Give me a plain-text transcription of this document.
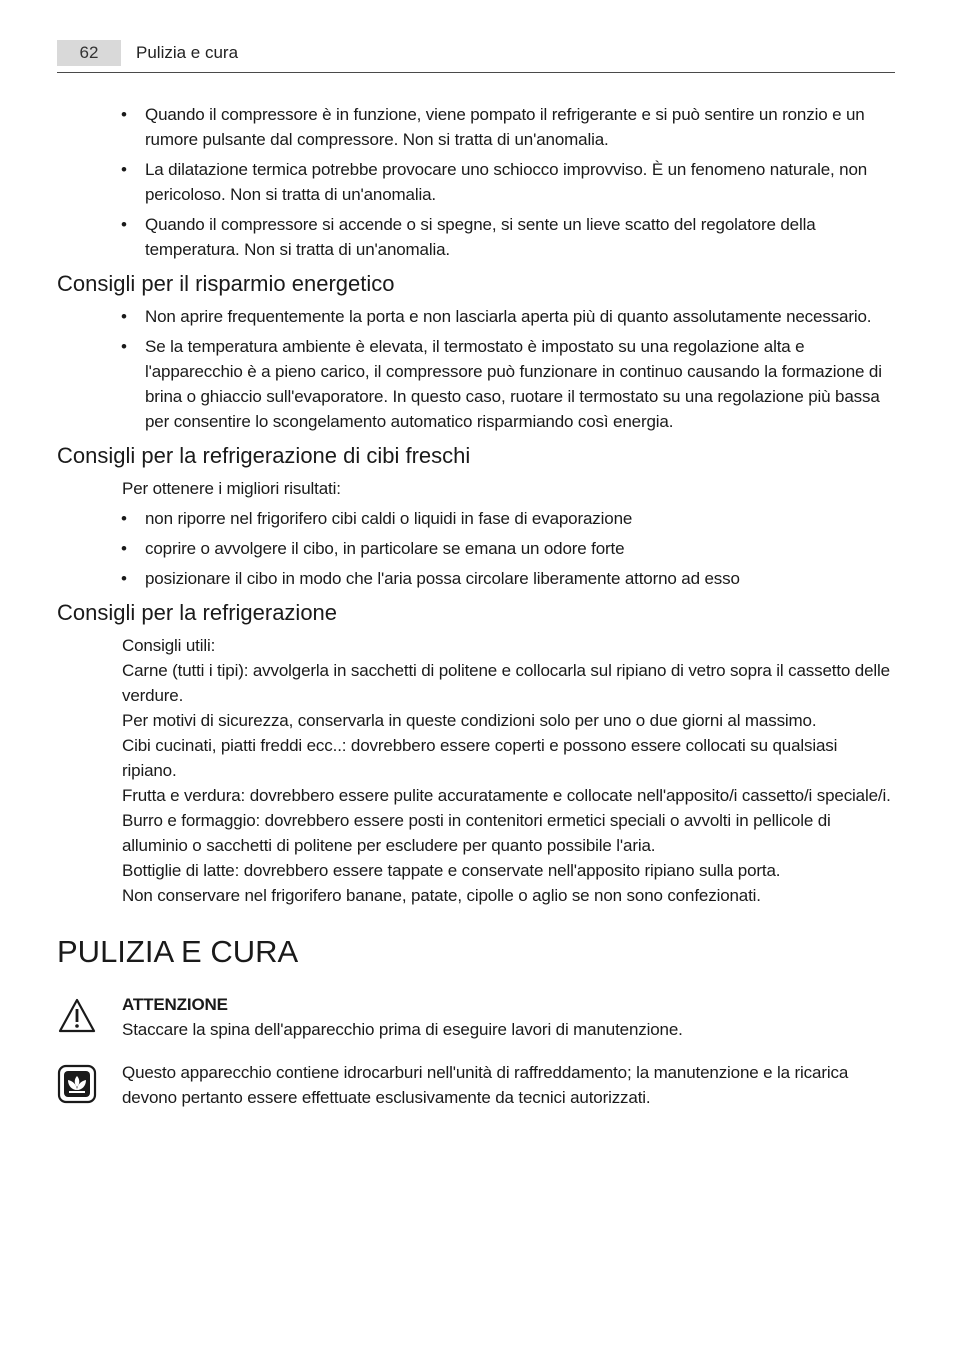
62	Pulizia e cura
• Quando il compressore è in funzione, viene pompato il refrigerante e si può sentire un ronzio e un rumore pulsante dal compressore. Non si tratta di un'anomalia.
• La dilatazione termica potrebbe provocare uno schiocco improvviso. È un fenomeno naturale, non pericoloso. Non si tratta di un'anomalia.
• Quando il compressore si accende o si spegne, si sente un lieve scatto del regolatore della temperatura. Non si tratta di un'anomalia.
Consigli per il risparmio energetico
• Non aprire frequentemente la porta e non lasciarla aperta più di quanto assolutamente necessario.
• Se la temperatura ambiente è elevata, il termostato è impostato su una regolazione alta e l'apparecchio è a pieno carico, il compressore può funzionare in continuo causando la formazione di brina o ghiaccio sull'evaporatore. In questo caso, ruotare il termostato su una regolazione più bassa per consentire lo scongelamento automatico risparmiando così energia.
Consigli per la refrigerazione di cibi freschi
Per ottenere i migliori risultati:
• non riporre nel frigorifero cibi caldi o liquidi in fase di evaporazione
• coprire o avvolgere il cibo, in particolare se emana un odore forte
• posizionare il cibo in modo che l'aria possa circolare liberamente attorno ad esso
Consigli per la refrigerazione
Consigli utili:
Carne (tutti i tipi): avvolgerla in sacchetti di politene e collocarla sul ripiano di vetro sopra il cassetto delle verdure.
Per motivi di sicurezza, conservarla in queste condizioni solo per uno o due giorni al massimo.
Cibi cucinati, piatti freddi ecc..: dovrebbero essere coperti e possono essere collocati su qualsiasi ripiano.
Frutta e verdura: dovrebbero essere pulite accuratamente e collocate nell'apposito/i cassetto/i speciale/i.
Burro e formaggio: dovrebbero essere posti in contenitori ermetici speciali o avvolti in pellicole di alluminio o sacchetti di politene per escludere per quanto possibile l'aria.
Bottiglie di latte: dovrebbero essere tappate e conservate nell'apposito ripiano sulla porta.
Non conservare nel frigorifero banane, patate, cipolle o aglio se non sono confezionati.
PULIZIA E CURA
ATTENZIONE
Staccare la spina dell'apparecchio prima di eseguire lavori di manutenzione.
Questo apparecchio contiene idrocarburi nell'unità di raffreddamento; la manutenzione e la ricarica devono pertanto essere effettuate esclusivamente da tecnici autorizzati.
